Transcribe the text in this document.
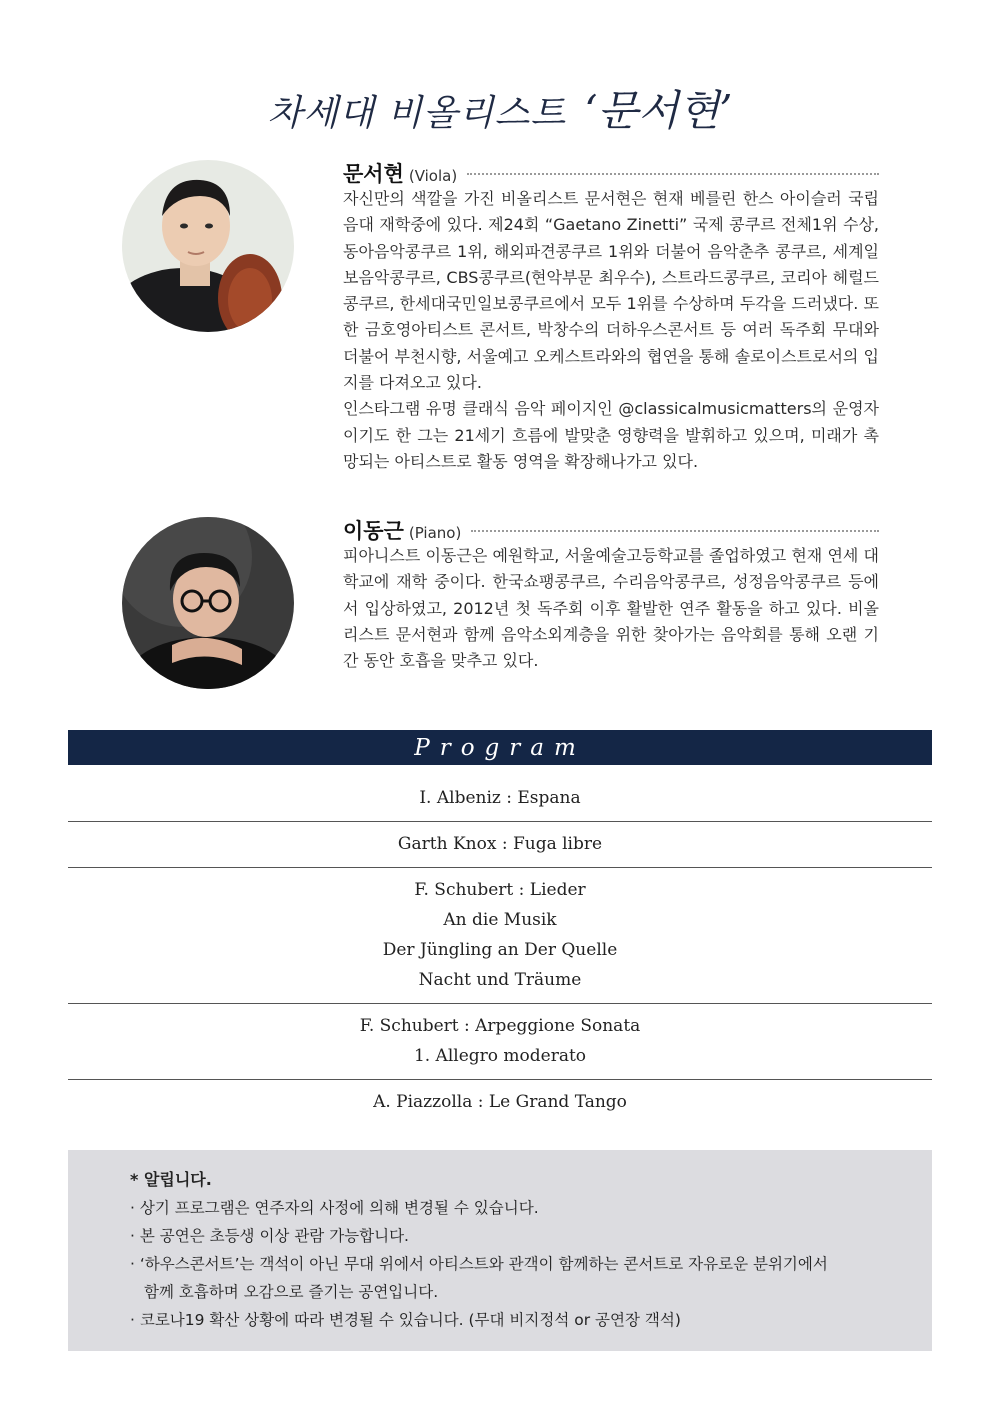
차세대 비올리스트 ‘문서현’
문서현 (Viola)

자신만의 색깔을 가진 비올리스트 문서현은 현재 베를린 한스 아이슬러 국립음대 재학중에 있다. 제24회 “Gaetano Zinetti” 국제 콩쿠르 전체1위 수상, 동아음악콩쿠르 1위, 해외파견콩쿠르 1위와 더불어 음악춘추 콩쿠르, 세계일보음악콩쿠르, CBS콩쿠르(현악부문 최우수), 스트라드콩쿠르, 코리아 헤럴드콩쿠르, 한세대국민일보콩쿠르에서 모두 1위를 수상하며 두각을 드러냈다. 또한 금호영아티스트 콘서트, 박창수의 더하우스콘서트 등 여러 독주회 무대와 더불어 부천시향, 서울예고 오케스트라와의 협연을 통해 솔로이스트로서의 입지를 다져오고 있다.

인스타그램 유명 클래식 음악 페이지인 @classicalmusicmatters의 운영자 이기도 한 그는 21세기 흐름에 발맞춘 영향력을 발휘하고 있으며, 미래가 촉망되는 아티스트로 활동 영역을 확장해나가고 있다.

이동근 (Piano)

피아니스트 이동근은 예원학교, 서울예술고등학교를 졸업하였고 현재 연세 대학교에 재학 중이다. 한국쇼팽콩쿠르, 수리음악콩쿠르, 성정음악콩쿠르 등에서 입상하였고, 2012년 첫 독주회 이후 활발한 연주 활동을 하고 있다. 비올리스트 문서현과 함께 음악소외계층을 위한 찾아가는 음악회를 통해 오랜 기간 동안 호흡을 맞추고 있다.

Program
I. Albeniz : Espana
Garth Knox : Fuga libre
F. Schubert : Lieder
An die Musik
Der Jüngling an Der Quelle
Nacht und Träume
F. Schubert : Arpeggione Sonata
1. Allegro moderato
A. Piazzolla : Le Grand Tango
* 알립니다.
· 상기 프로그램은 연주자의 사정에 의해 변경될 수 있습니다.
· 본 공연은 초등생 이상 관람 가능합니다.
· ‘하우스콘서트’는 객석이 아닌 무대 위에서 아티스트와 관객이 함께하는 콘서트로 자유로운 분위기에서
함께 호흡하며 오감으로 즐기는 공연입니다.
· 코로나19 확산 상황에 따라 변경될 수 있습니다. (무대 비지정석 or 공연장 객석)
